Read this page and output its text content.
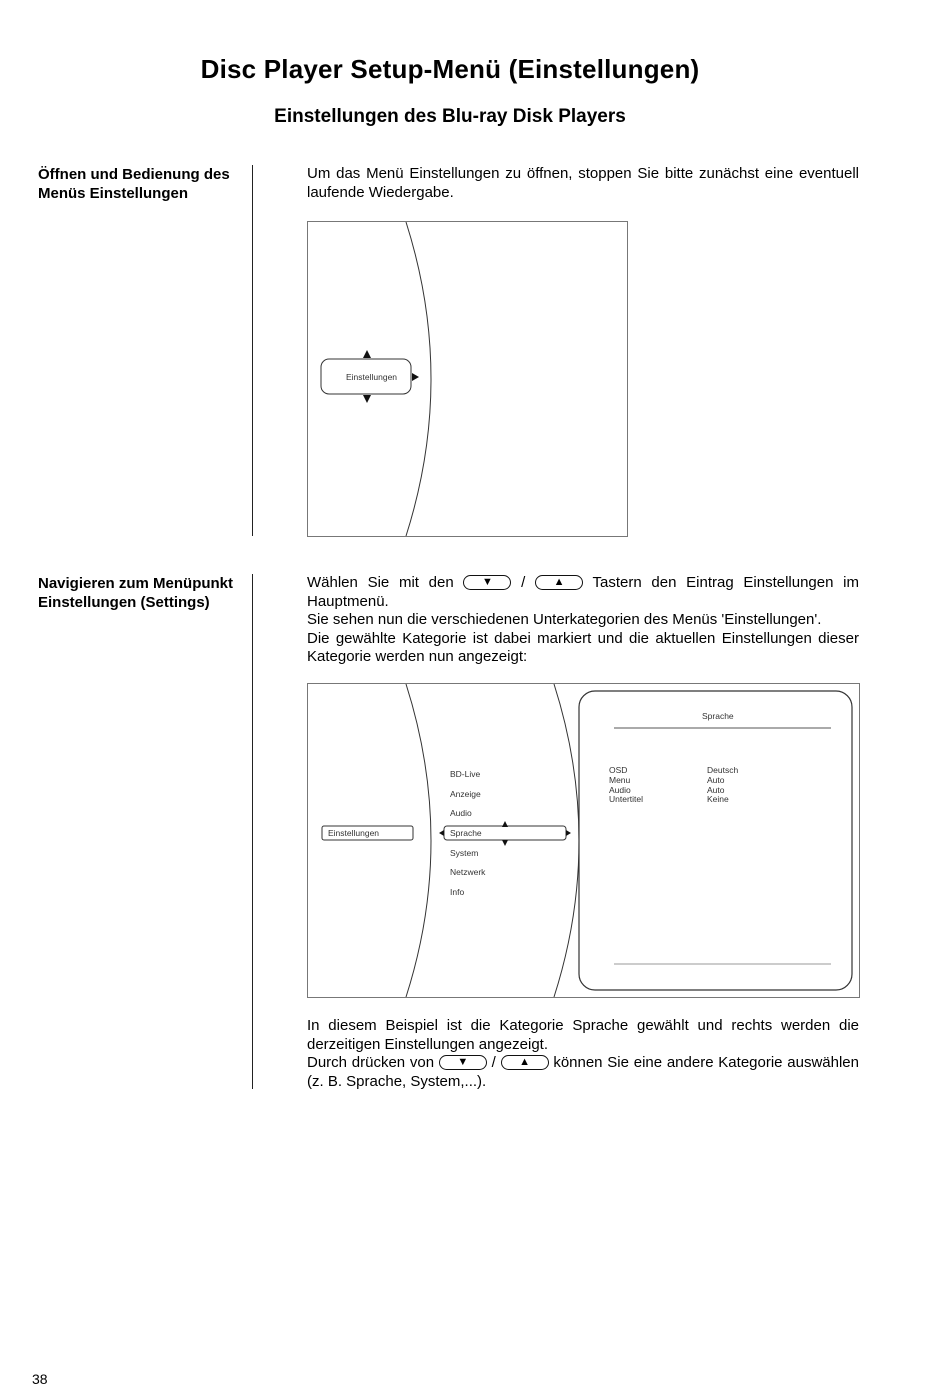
Disc Player Setup-Menü (Einstellungen)
Einstellungen des Blu-ray Disk Players
Öffnen und Bedienung des
Menüs Einstellungen

Um das Menü Einstellungen zu öffnen, stoppen Sie bitte zunächst eine eventuell laufende Wiedergabe.

Einstellungen
Navigieren zum Menüpunkt
Einstellungen (Settings)

Wählen Sie mit den	▼ /	▲ Tastern den Eintrag Einstellungen im Hauptmenü.

Sie sehen nun die verschiedenen Unterkategorien des Menüs 'Einstellungen'.

Die gewählte Kategorie ist dabei markiert und die aktuellen Einstellungen dieser Kategorie werden nun angezeigt:

Einstellungen
BD-Live
Anzeige
Audio
Sprache
System
Netzwerk
Info
Sprache
OSD
Menu
Audio
Untertitel
Deutsch
Auto
Auto
Keine

In diesem Beispiel ist die Kategorie Sprache gewählt und rechts werden die derzeitigen Einstellungen angezeigt.

Durch drücken von ▼ / ▲ können Sie eine andere Kategorie auswählen (z. B. Sprache, System,...).

38
